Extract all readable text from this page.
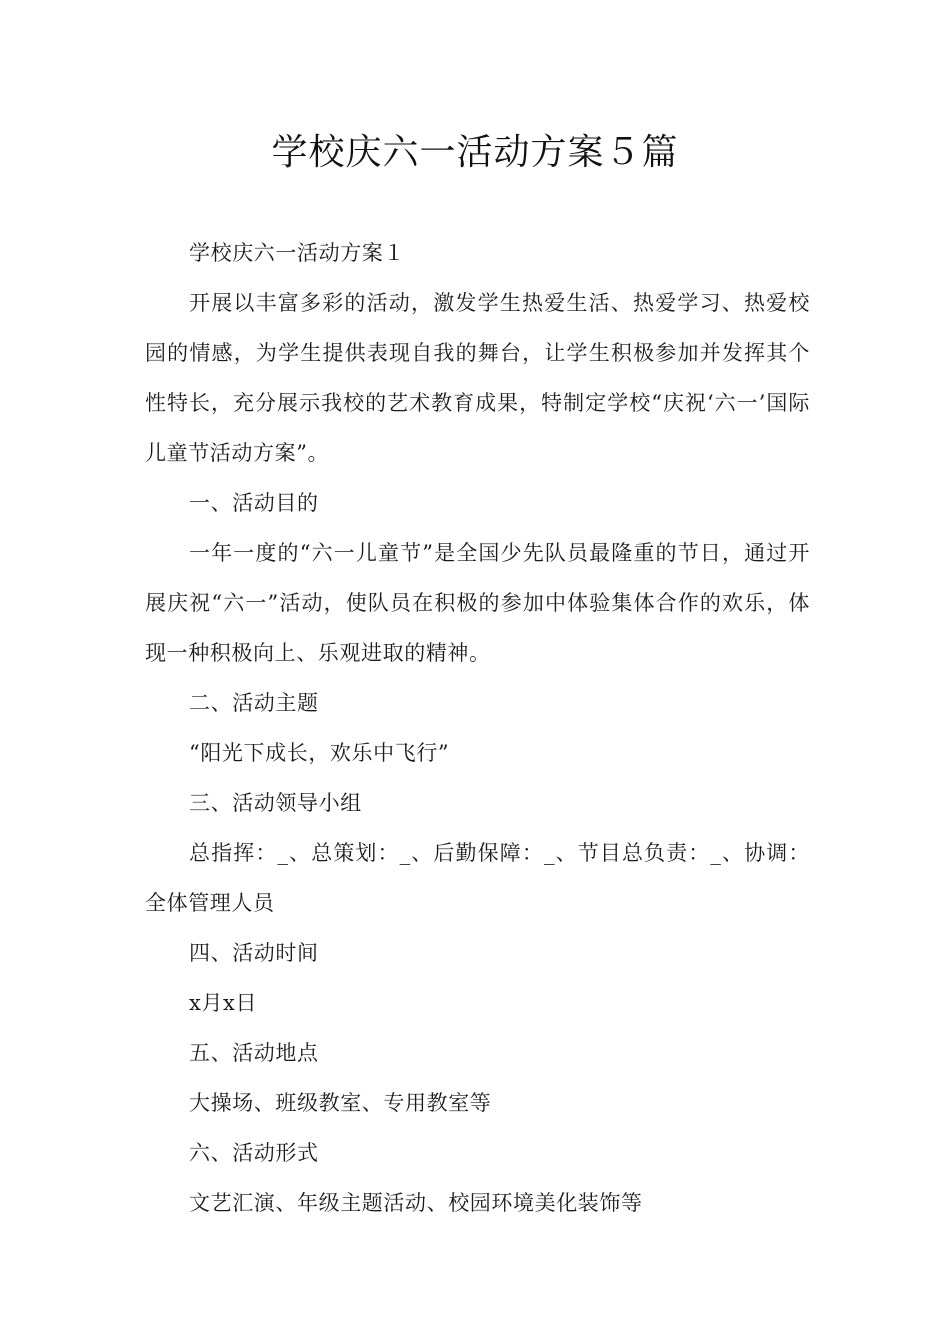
学校庆六一活动方案５篇

学校庆六一活动方案１

开展以丰富多彩的活动，激发学生热爱生活、热爱学习、热爱校园的情感，为学生提供表现自我的舞台，让学生积极参加并发挥其个性特长，充分展示我校的艺术教育成果，特制定学校“庆祝‘六一’国际儿童节活动方案”。

一、活动目的

一年一度的“六一儿童节”是全国少先队员最隆重的节日，通过开展庆祝“六一”活动，使队员在积极的参加中体验集体合作的欢乐，体现一种积极向上、乐观进取的精神。

二、活动主题

“阳光下成长，欢乐中飞行”

三、活动领导小组

总指挥：_、总策划：_、后勤保障：_、节目总负责：_、协调：全体管理人员

四、活动时间

x月x日

五、活动地点

大操场、班级教室、专用教室等

六、活动形式

文艺汇演、年级主题活动、校园环境美化装饰等
